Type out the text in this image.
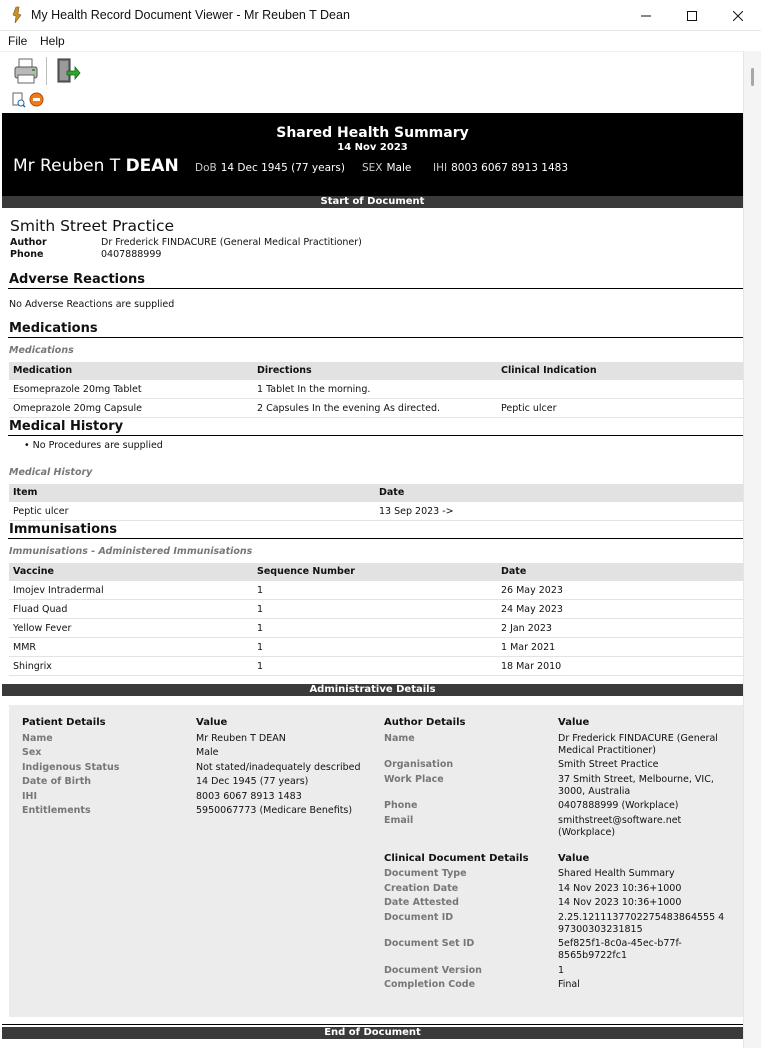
My Health Record Document Viewer - Mr Reuben T Dean
File Help
Shared Health Summary
14 Nov 2023
Mr Reuben T DEAN DoB 14 Dec 1945 (77 years) SEX Male IHI 8003 6067 8913 1483
Start of Document
Smith Street Practice
Author	Dr Frederick FINDACURE (General Medical Practitioner)
Phone	0407888999
Adverse Reactions
No Adverse Reactions are supplied
Medications
Medications
Medication	Directions	Clinical Indication
Esomeprazole 20mg Tablet	1 Tablet In the morning.
Omeprazole 20mg Capsule	2 Capsules In the evening As directed.	Peptic ulcer
Medical History
• No Procedures are supplied
Medical History
Item	Date
Peptic ulcer	13 Sep 2023 ->
Immunisations
Immunisations - Administered Immunisations
Vaccine	Sequence Number	Date
Imojev Intradermal	1	26 May 2023
Fluad Quad	1	24 May 2023
Yellow Fever	1	2 Jan 2023
MMR	1	1 Mar 2021
Shingrix	1	18 Mar 2010
Administrative Details
Patient Details	Value
Name	Mr Reuben T DEAN
Sex	Male
Indigenous Status	Not stated/inadequately described
Date of Birth	14 Dec 1945 (77 years)
IHI	8003 6067 8913 1483
Entitlements	5950067773 (Medicare Benefits)
Author Details	Value
Name	Dr Frederick FINDACURE (General
Medical Practitioner)
Organisation	Smith Street Practice
Work Place	37 Smith Street, Melbourne, VIC,
3000, Australia
Phone	0407888999 (Workplace)
Email	smithstreet@software.net
(Workplace)
Clinical Document Details	Value
Document Type	Shared Health Summary
Creation Date	14 Nov 2023 10:36+1000
Date Attested	14 Nov 2023 10:36+1000
Document ID	2.25.1211137702275483864555 4
97300303231815
Document Set ID	5ef825f1-8c0a-45ec-b77f-
8565b9722fc1
Document Version	1
Completion Code	Final
End of Document
